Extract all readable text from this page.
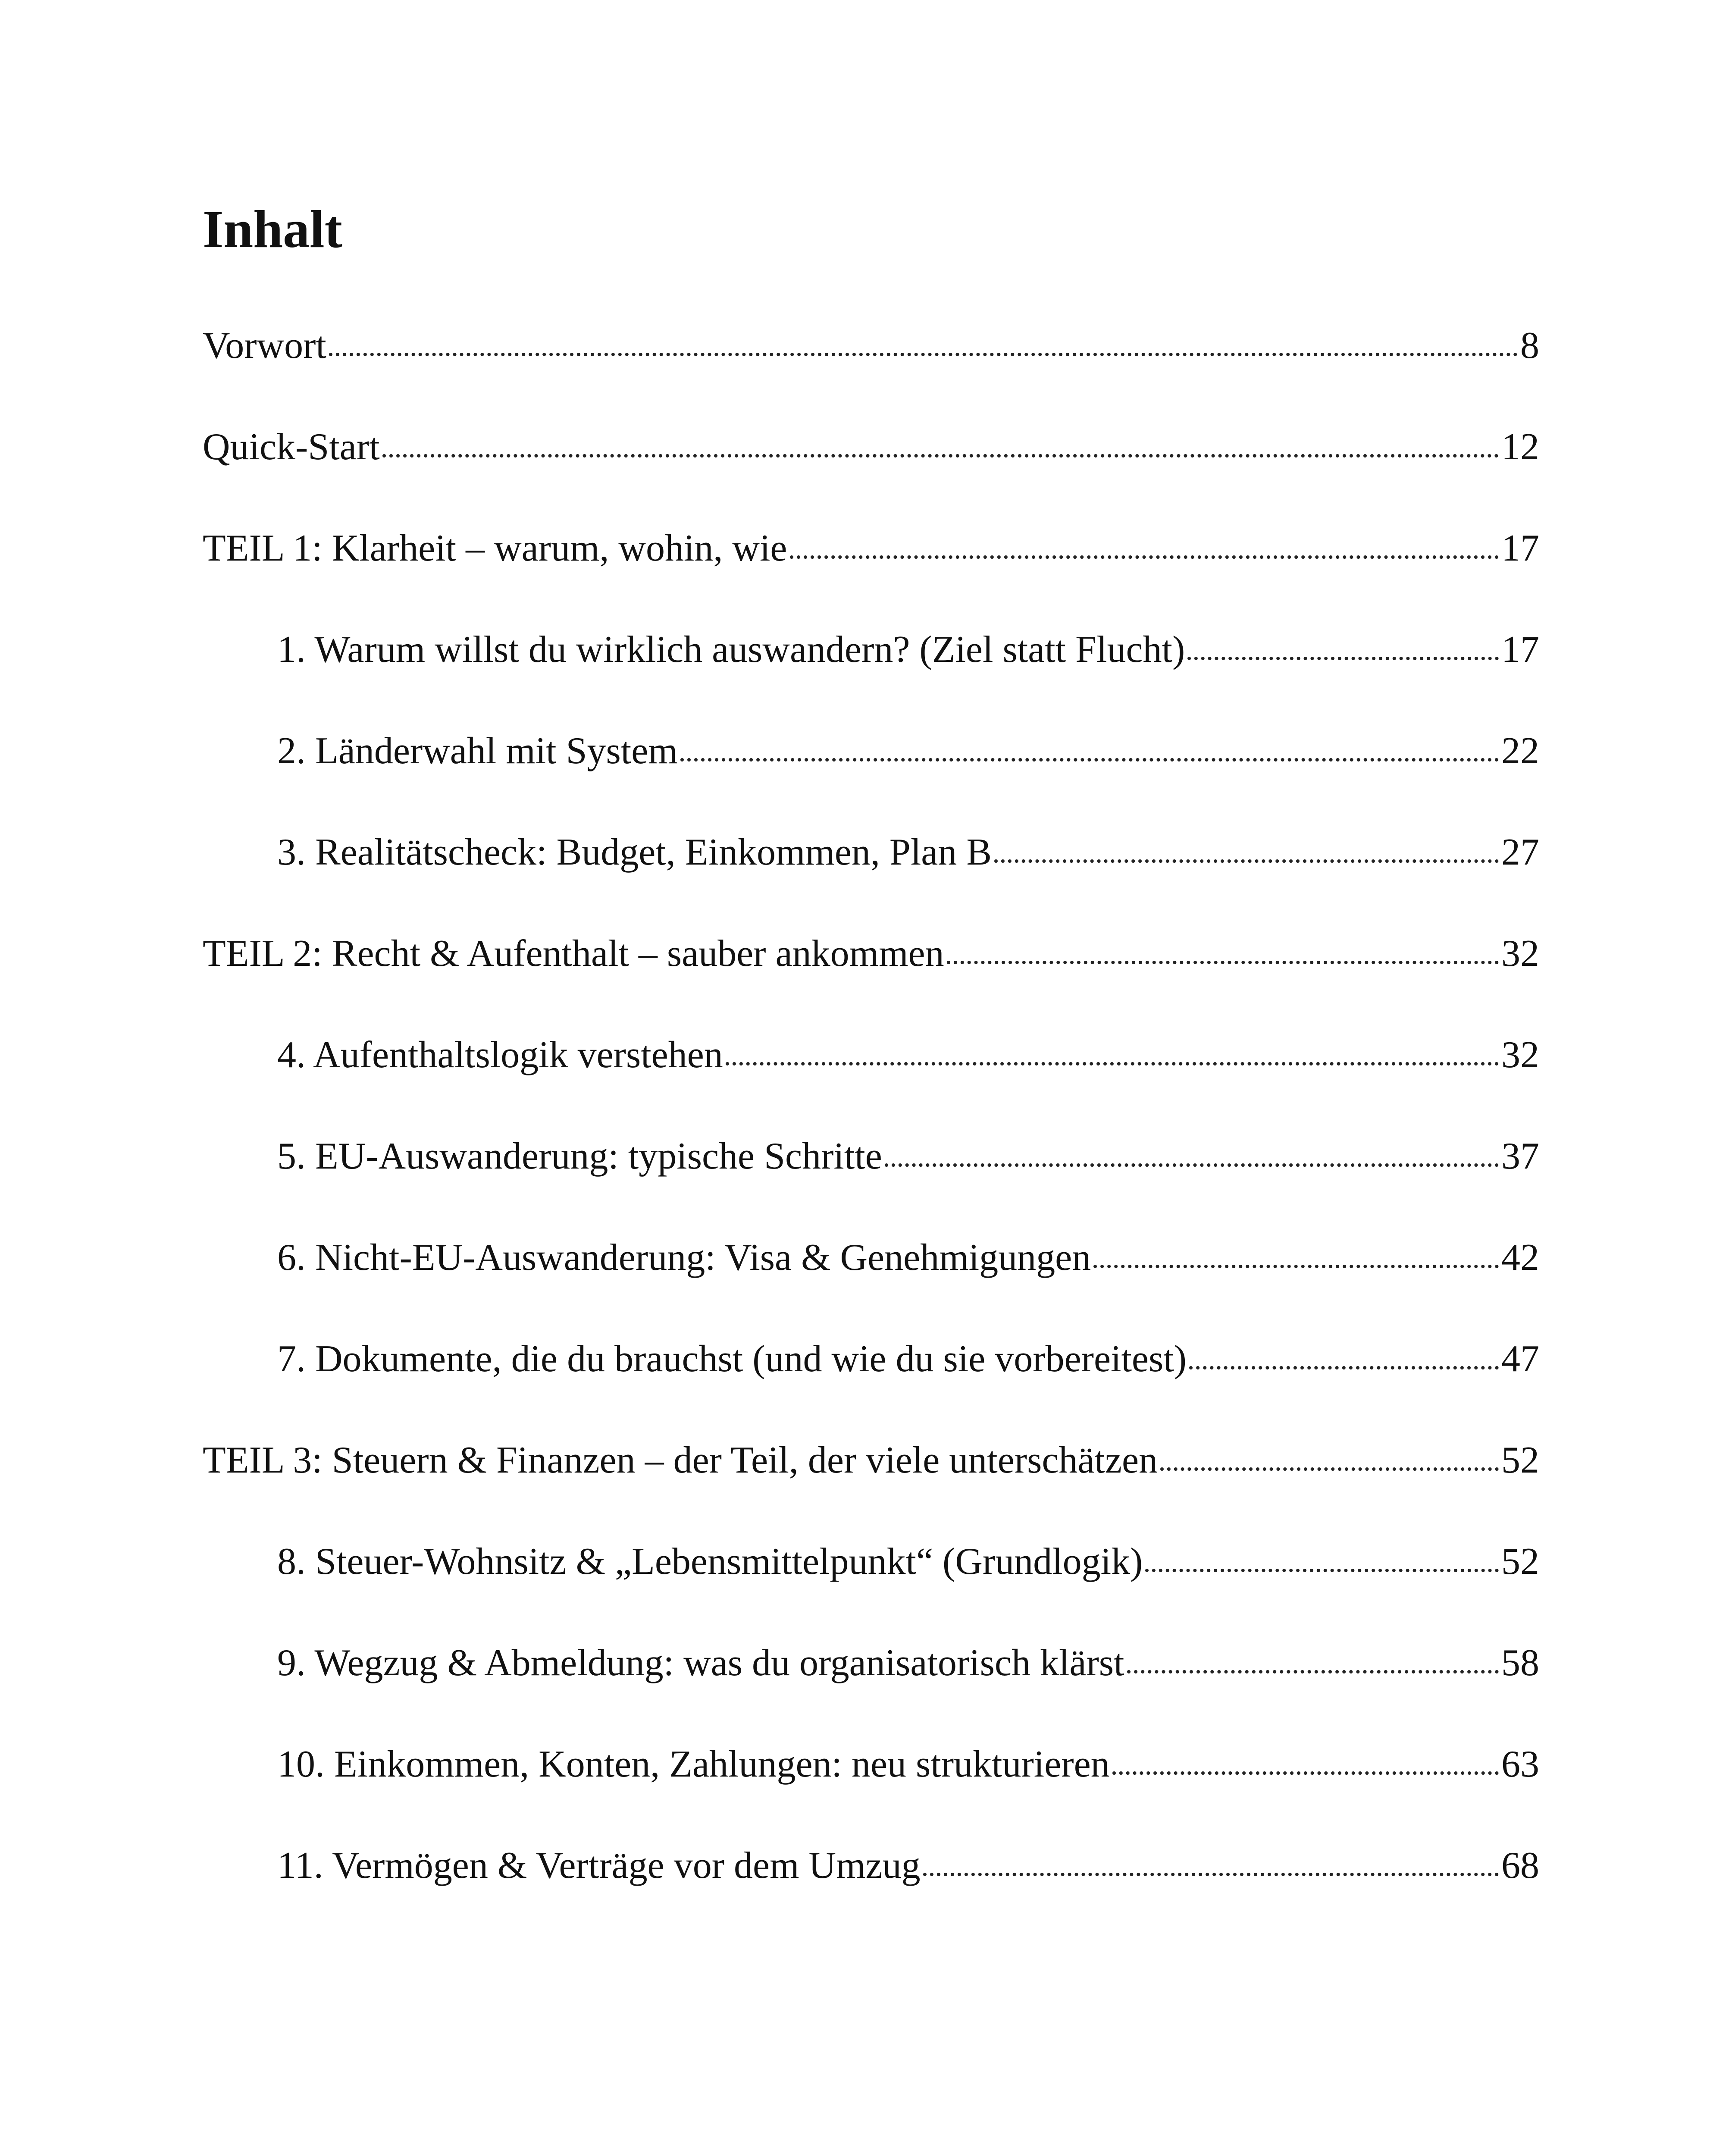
Inhalt
Vorwort	8
Quick-Start	12
TEIL 1: Klarheit – warum, wohin, wie	17
1. Warum willst du wirklich auswandern? (Ziel statt Flucht)	17
2. Länderwahl mit System	22
3. Realitätscheck: Budget, Einkommen, Plan B	27
TEIL 2: Recht & Aufenthalt – sauber ankommen	32
4. Aufenthaltslogik verstehen	32
5. EU-Auswanderung: typische Schritte	37
6. Nicht-EU-Auswanderung: Visa & Genehmigungen	42
7. Dokumente, die du brauchst (und wie du sie vorbereitest)	47
TEIL 3: Steuern & Finanzen – der Teil, der viele unterschätzen	52
8. Steuer-Wohnsitz & „Lebensmittelpunkt“ (Grundlogik)	52
9. Wegzug & Abmeldung: was du organisatorisch klärst	58
10. Einkommen, Konten, Zahlungen: neu strukturieren	63
11. Vermögen & Verträge vor dem Umzug	68
